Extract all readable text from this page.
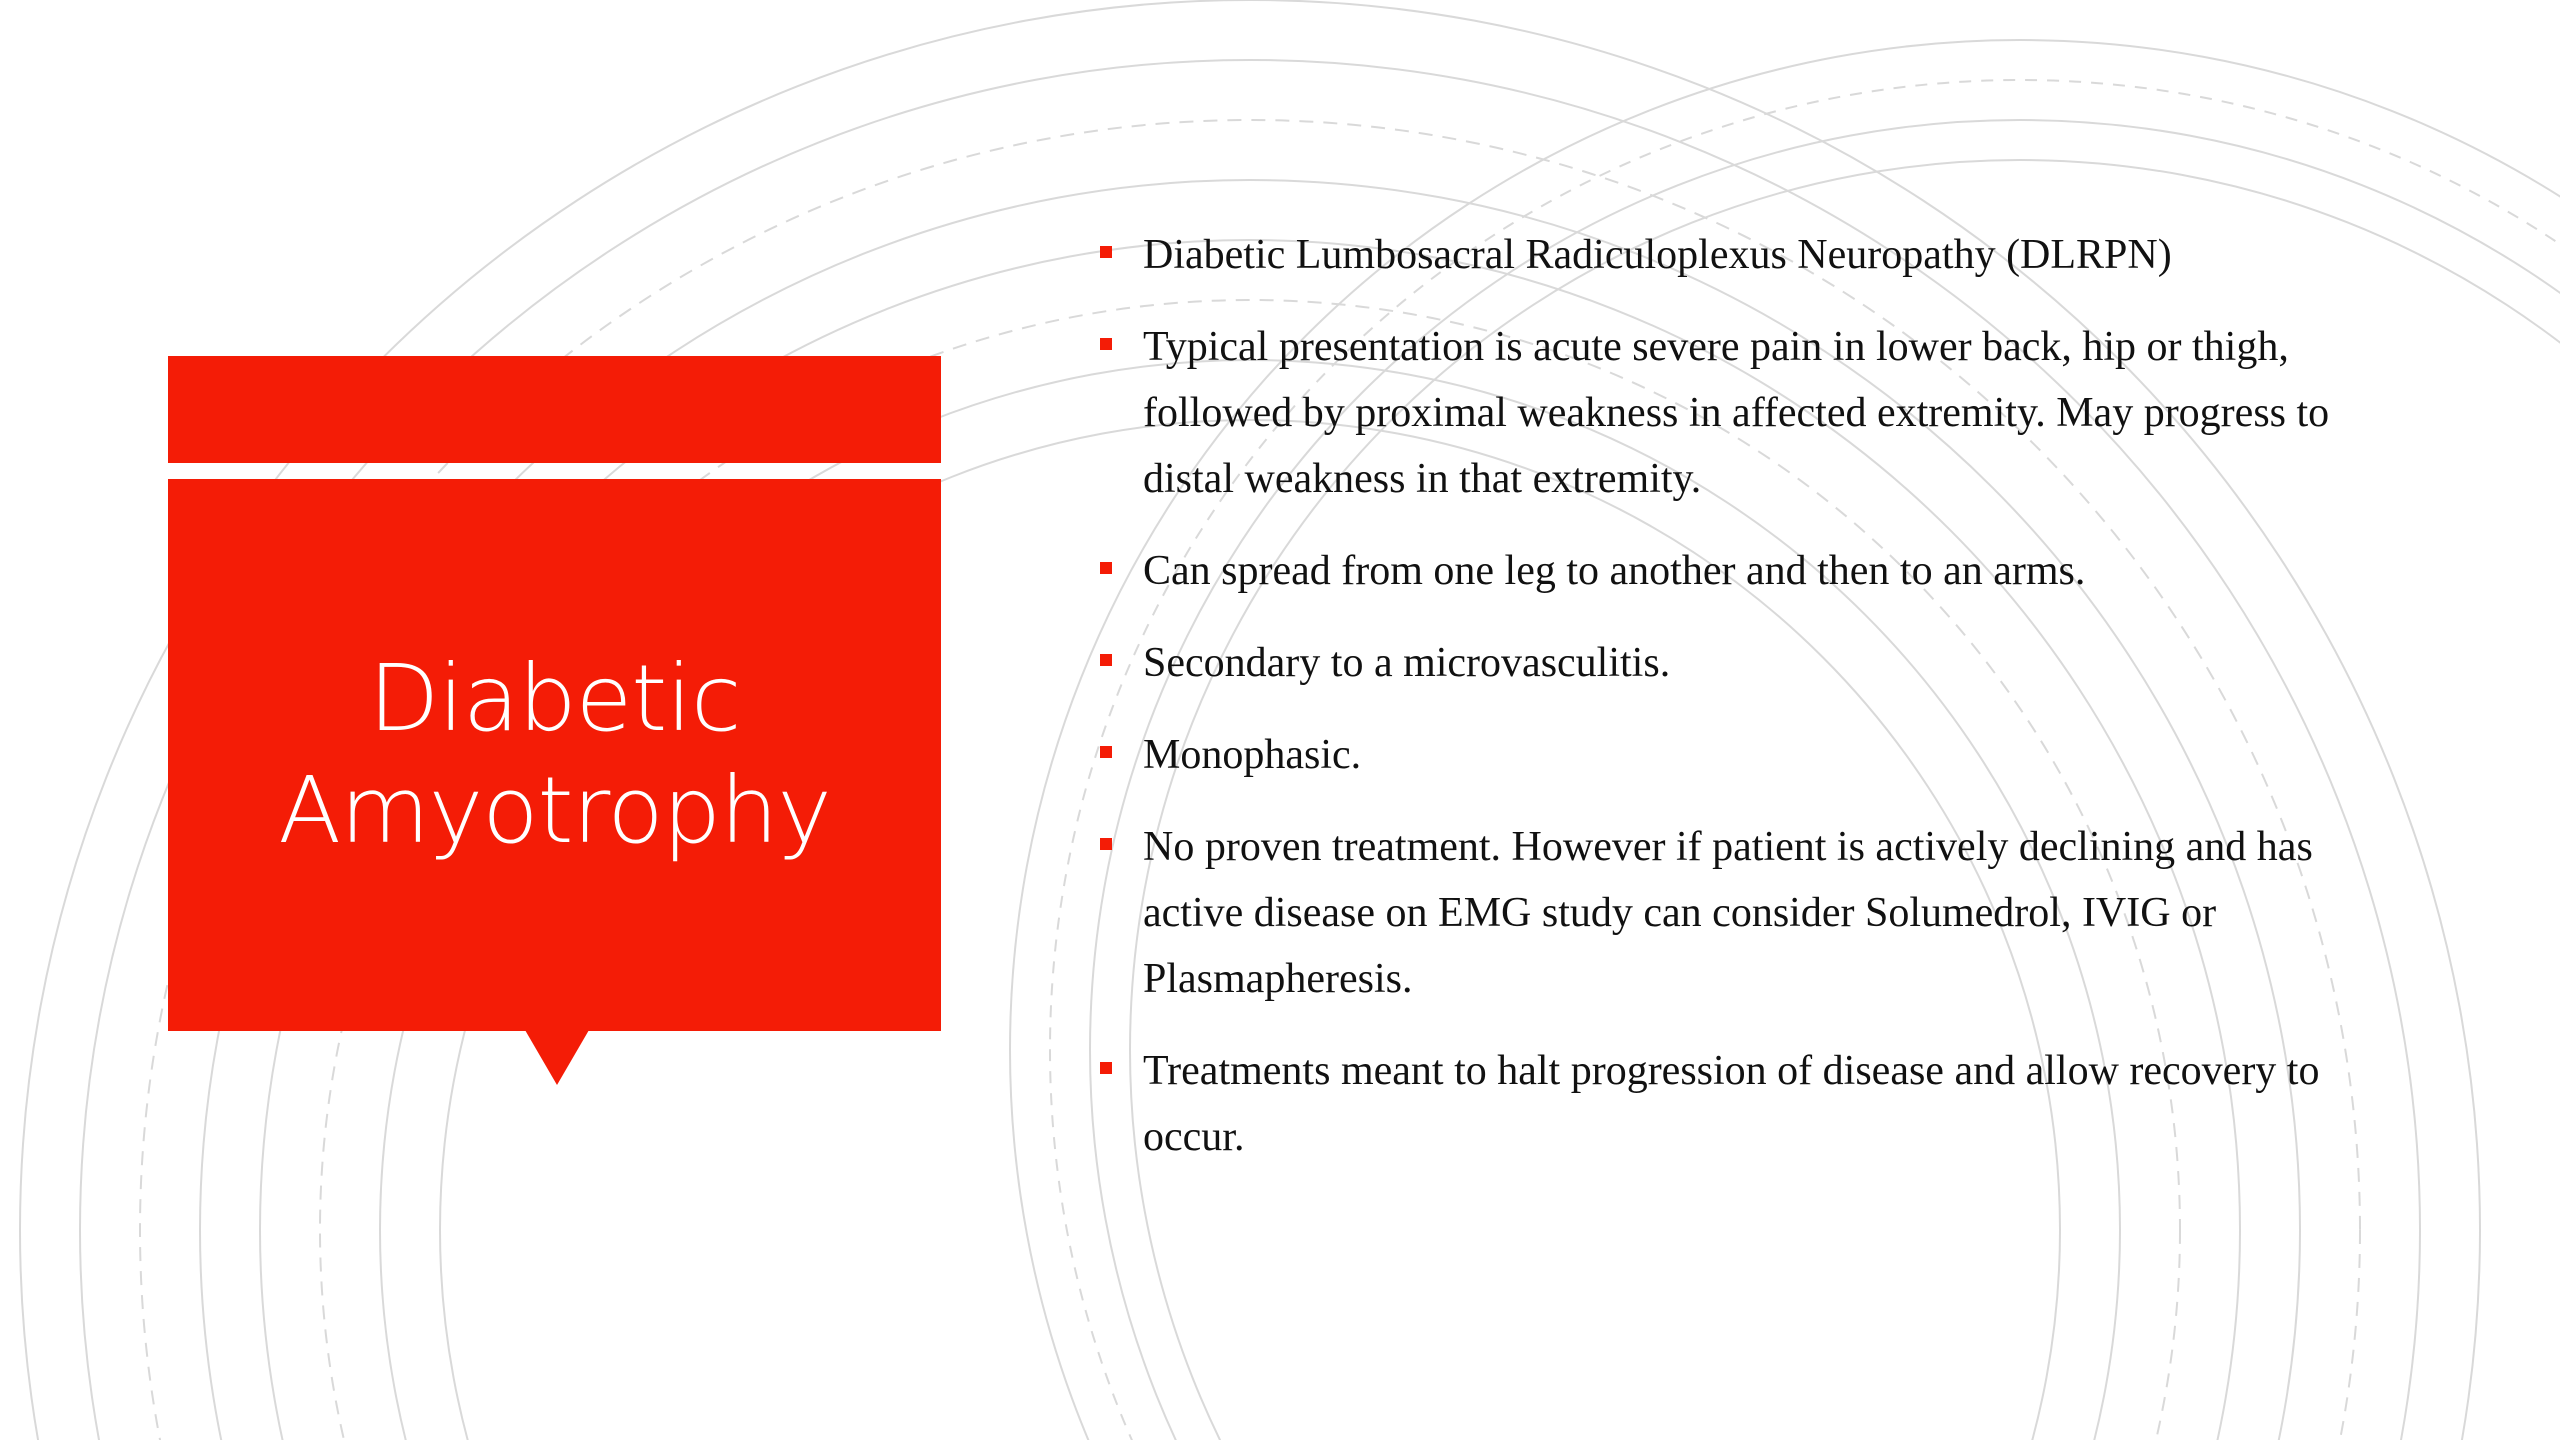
Diabetic
Amyotrophy
Diabetic Lumbosacral Radiculoplexus Neuropathy (DLRPN)
Typical presentation is acute severe pain in lower back, hip or thigh, followed by proximal weakness in affected extremity. May progress to distal weakness in that extremity.
Can spread from one leg to another and then to an arms.
Secondary to a microvasculitis.
Monophasic.
No proven treatment. However if patient is actively declining and has active disease on EMG study can consider Solumedrol, IVIG or Plasmapheresis.
Treatments meant to halt progression of disease and allow recovery to occur.
